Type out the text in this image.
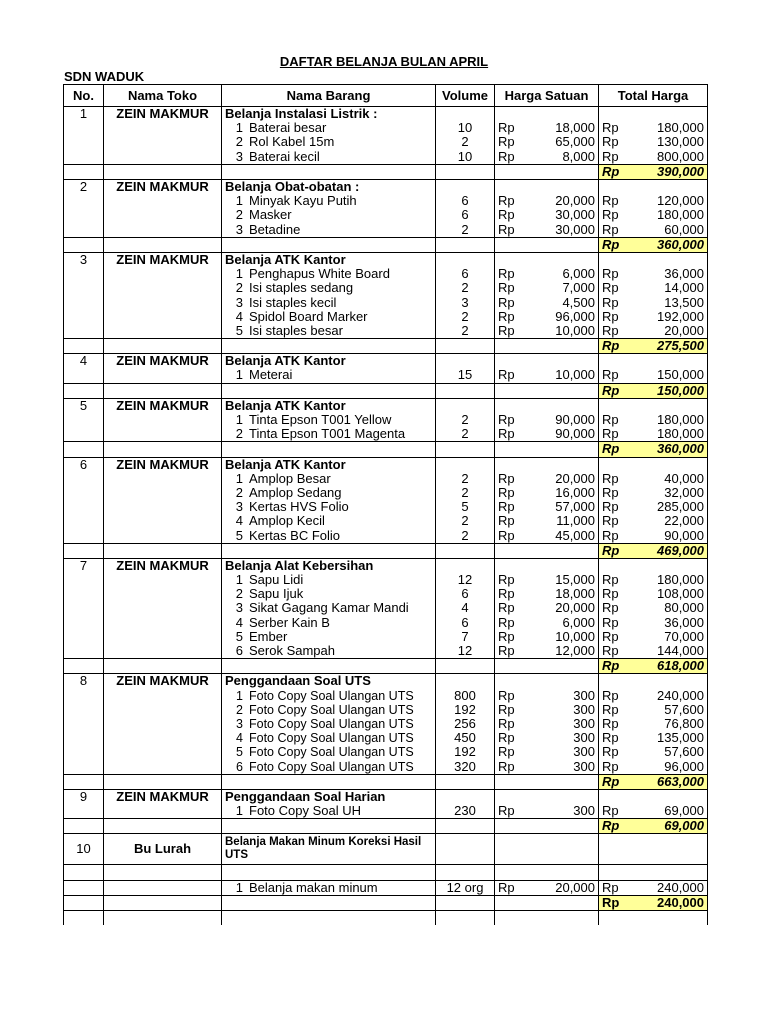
DAFTAR BELANJA BULAN APRIL
SDN WADUK
No.	Nama Toko	Nama Barang	Volume	Harga Satuan	Total Harga
1	ZEIN MAKMUR	Belanja Instalasi Listrik :			
		1 Baterai besar	10	Rp 18,000	Rp 180,000

		2 Rol Kabel 15m	2	Rp 65,000	Rp 130,000

		3 Baterai kecil	10	Rp 8,000	Rp 800,000

					Rp 390,000

2	ZEIN MAKMUR	Belanja Obat-obatan :			
		1 Minyak Kayu Putih	6	Rp 20,000	Rp 120,000

		2 Masker	6	Rp 30,000	Rp 180,000

		3 Betadine	2	Rp 30,000	Rp 60,000

					Rp 360,000

3	ZEIN MAKMUR	Belanja ATK Kantor			
		1 Penghapus White Board	6	Rp 6,000	Rp 36,000

		2 Isi staples sedang	2	Rp 7,000	Rp 14,000

		3 Isi staples kecil	3	Rp 4,500	Rp 13,500

		4 Spidol Board Marker	2	Rp 96,000	Rp 192,000

		5 Isi staples besar	2	Rp 10,000	Rp 20,000

					Rp 275,500

4	ZEIN MAKMUR	Belanja ATK Kantor			
		1 Meterai	15	Rp 10,000	Rp 150,000

					Rp 150,000

5	ZEIN MAKMUR	Belanja ATK Kantor			
		1 Tinta Epson T001 Yellow	2	Rp 90,000	Rp 180,000

		2 Tinta Epson T001 Magenta	2	Rp 90,000	Rp 180,000

					Rp 360,000

6	ZEIN MAKMUR	Belanja ATK Kantor			
		1 Amplop Besar	2	Rp 20,000	Rp 40,000

		2 Amplop Sedang	2	Rp 16,000	Rp 32,000

		3 Kertas HVS Folio	5	Rp 57,000	Rp 285,000

		4 Amplop Kecil	2	Rp 11,000	Rp 22,000

		5 Kertas BC Folio	2	Rp 45,000	Rp 90,000

					Rp 469,000

7	ZEIN MAKMUR	Belanja Alat Kebersihan			
		1 Sapu Lidi	12	Rp 15,000	Rp 180,000

		2 Sapu Ijuk	6	Rp 18,000	Rp 108,000

		3 Sikat Gagang Kamar Mandi	4	Rp 20,000	Rp 80,000

		4 Serber Kain B	6	Rp 6,000	Rp 36,000

		5 Ember	7	Rp 10,000	Rp 70,000

		6 Serok Sampah	12	Rp 12,000	Rp 144,000

					Rp 618,000

8	ZEIN MAKMUR	Penggandaan Soal UTS			
		1 Foto Copy Soal Ulangan UTS	800	Rp 300	Rp 240,000

		2 Foto Copy Soal Ulangan UTS	192	Rp 300	Rp 57,600

		3 Foto Copy Soal Ulangan UTS	256	Rp 300	Rp 76,800

		4 Foto Copy Soal Ulangan UTS	450	Rp 300	Rp 135,000

		5 Foto Copy Soal Ulangan UTS	192	Rp 300	Rp 57,600

		6 Foto Copy Soal Ulangan UTS	320	Rp 300	Rp 96,000

					Rp 663,000

9	ZEIN MAKMUR	Penggandaan Soal Harian			
		1 Foto Copy Soal UH	230	Rp 300	Rp 69,000

					Rp 69,000

10	Bu Lurah	Belanja Makan Minum Koreksi Hasil UTS			

		1 Belanja makan minum	12 org	Rp 20,000	Rp 240,000

					Rp 240,000
